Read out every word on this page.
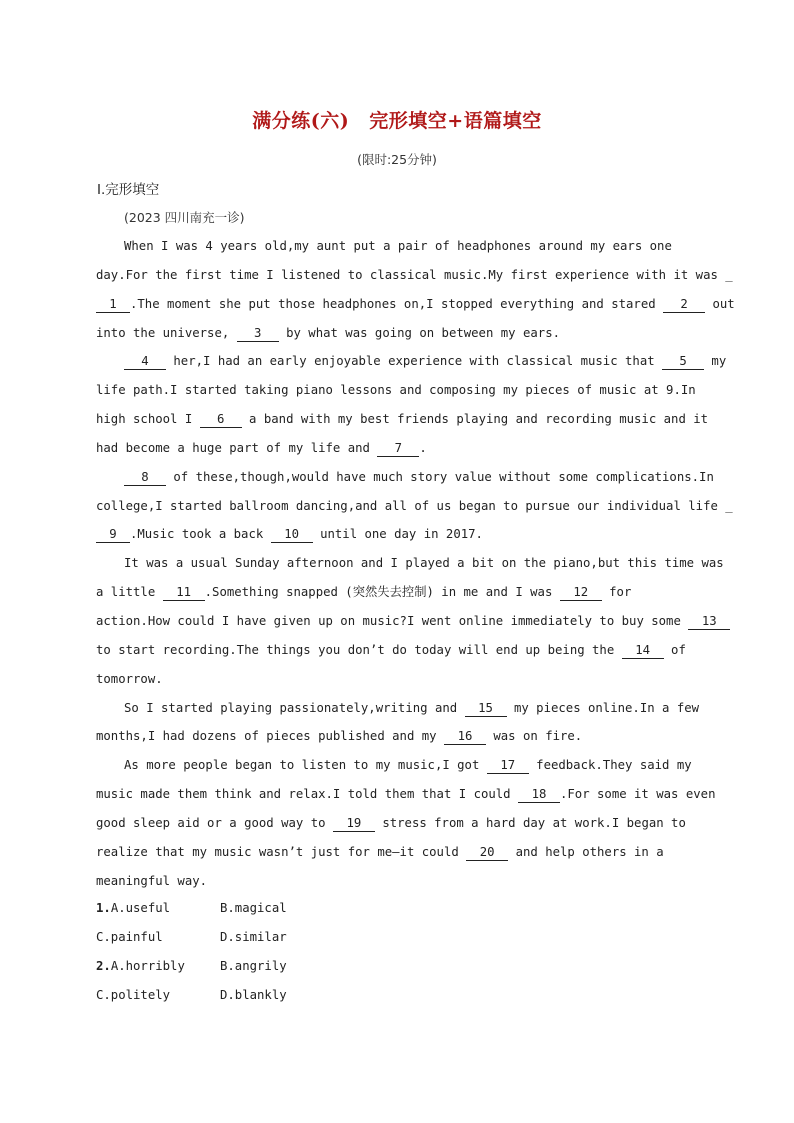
满分练(六) 完形填空+语篇填空
(限时:25分钟)
Ⅰ.完形填空
(2023 四川南充一诊)
When I was 4 years old,my aunt put a pair of headphones around my ears one
day.For the first time I listened to classical music.My first experience with it was _
1 .The moment she put those headphones on,I stopped everything and stared 2 out
into the universe, 3 by what was going on between my ears.
4 her,I had an early enjoyable experience with classical music that 5 my
life path.I started taking piano lessons and composing my pieces of music at 9.In
high school I 6 a band with my best friends playing and recording music and it
had become a huge part of my life and 7 .
8 of these,though,would have much story value without some complications.In
college,I started ballroom dancing,and all of us began to pursue our individual life _
9 .Music took a back 10 until one day in 2017.
It was a usual Sunday afternoon and I played a bit on the piano,but this time was
a little 11 .Something snapped (突然失去控制) in me and I was 12 for
action.How could I have given up on music?I went online immediately to buy some 13
to start recording.The things you don’t do today will end up being the 14 of
tomorrow.
So I started playing passionately,writing and 15 my pieces online.In a few
months,I had dozens of pieces published and my 16 was on fire.
As more people began to listen to my music,I got 17 feedback.They said my
music made them think and relax.I told them that I could 18 .For some it was even
good sleep aid or a good way to 19 stress from a hard day at work.I began to
realize that my music wasn’t just for me—it could 20 and help others in a
meaningful way.
1.A.useful	B.magical
C.painful	D.similar
2.A.horribly	B.angrily
C.politely	D.blankly
